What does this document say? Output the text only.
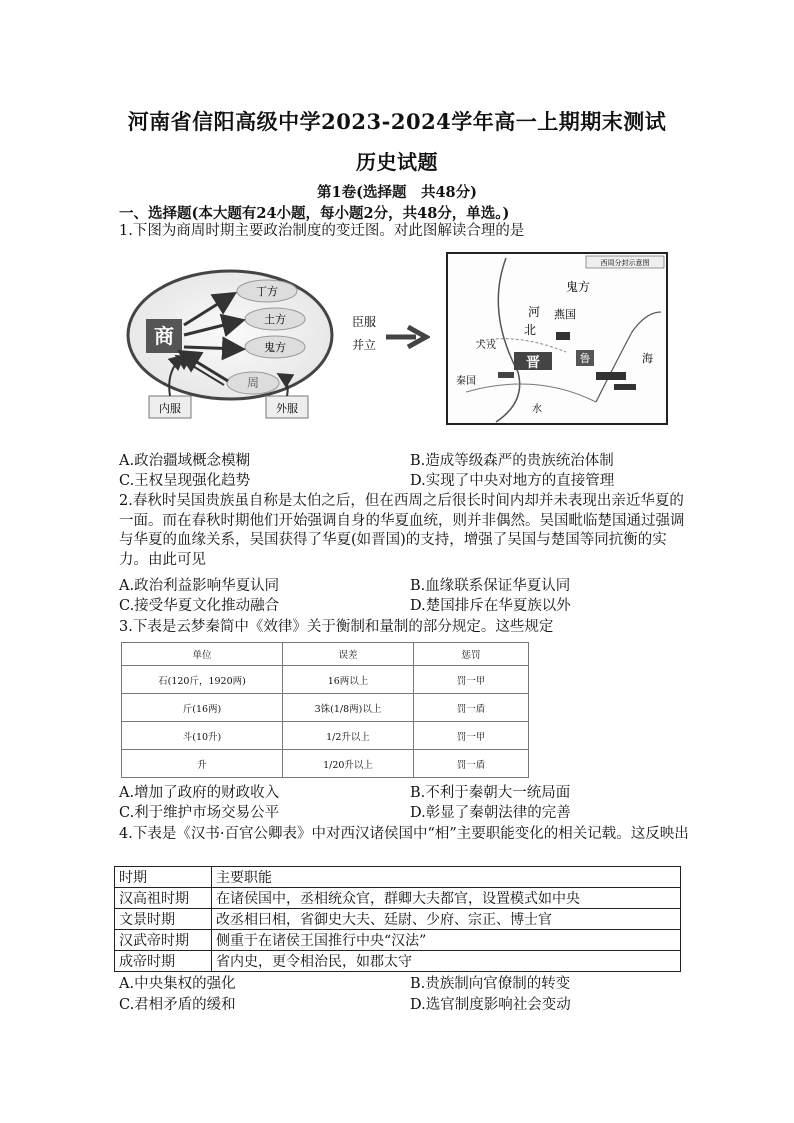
河南省信阳高级中学2023-2024学年高一上期期末测试
历史试题
第1卷(选择题　共48分)
一、选择题(本大题有24小题，每小题2分，共48分，单选。)
1.下图为商周时期主要政治制度的变迁图。对此图解读合理的是
商
丁方
土方
鬼方
周
内服	外服
臣服
并立
西周分封示意图
鬼方
河
北
燕国
犬戎
晋	鲁
秦国
海
水
A.政治疆域概念模糊	B.造成等级森严的贵族统治体制
C.王权呈现强化趋势	D.实现了中央对地方的直接管理
2.春秋时吴国贵族虽自称是太伯之后，但在西周之后很长时间内却并未表现出亲近华夏的一面。而在春秋时期他们开始强调自身的华夏血统，则并非偶然。吴国毗临楚国通过强调与华夏的血缘关系，吴国获得了华夏(如晋国)的支持，增强了吴国与楚国等同抗衡的实力。由此可见
A.政治利益影响华夏认同	B.血缘联系保证华夏认同
C.接受华夏文化推动融合	D.楚国排斥在华夏族以外
3.下表是云梦秦简中《效律》关于衡制和量制的部分规定。这些规定
单位	误差	惩罚
石(120斤，1920两)	16两以上	罚一甲
斤(16两)	3铢(1/8两)以上	罚一盾
斗(10升)	1/2升以上	罚一甲
升	1/20升以上	罚一盾
A.增加了政府的财政收入	B.不利于秦朝大一统局面
C.利于维护市场交易公平	D.彰显了秦朝法律的完善
4.下表是《汉书·百官公卿表》中对西汉诸侯国中“相”主要职能变化的相关记载。这反映出
时期	主要职能
汉高祖时期	在诸侯国中，丞相统众官，群卿大夫都官，设置模式如中央
文景时期	改丞相曰相，省御史大夫、廷尉、少府、宗正、博士官
汉武帝时期	侧重于在诸侯王国推行中央“汉法”
成帝时期	省内史，更令相治民，如郡太守
A.中央集权的强化	B.贵族制向官僚制的转变
C.君相矛盾的缓和	D.选官制度影响社会变动
